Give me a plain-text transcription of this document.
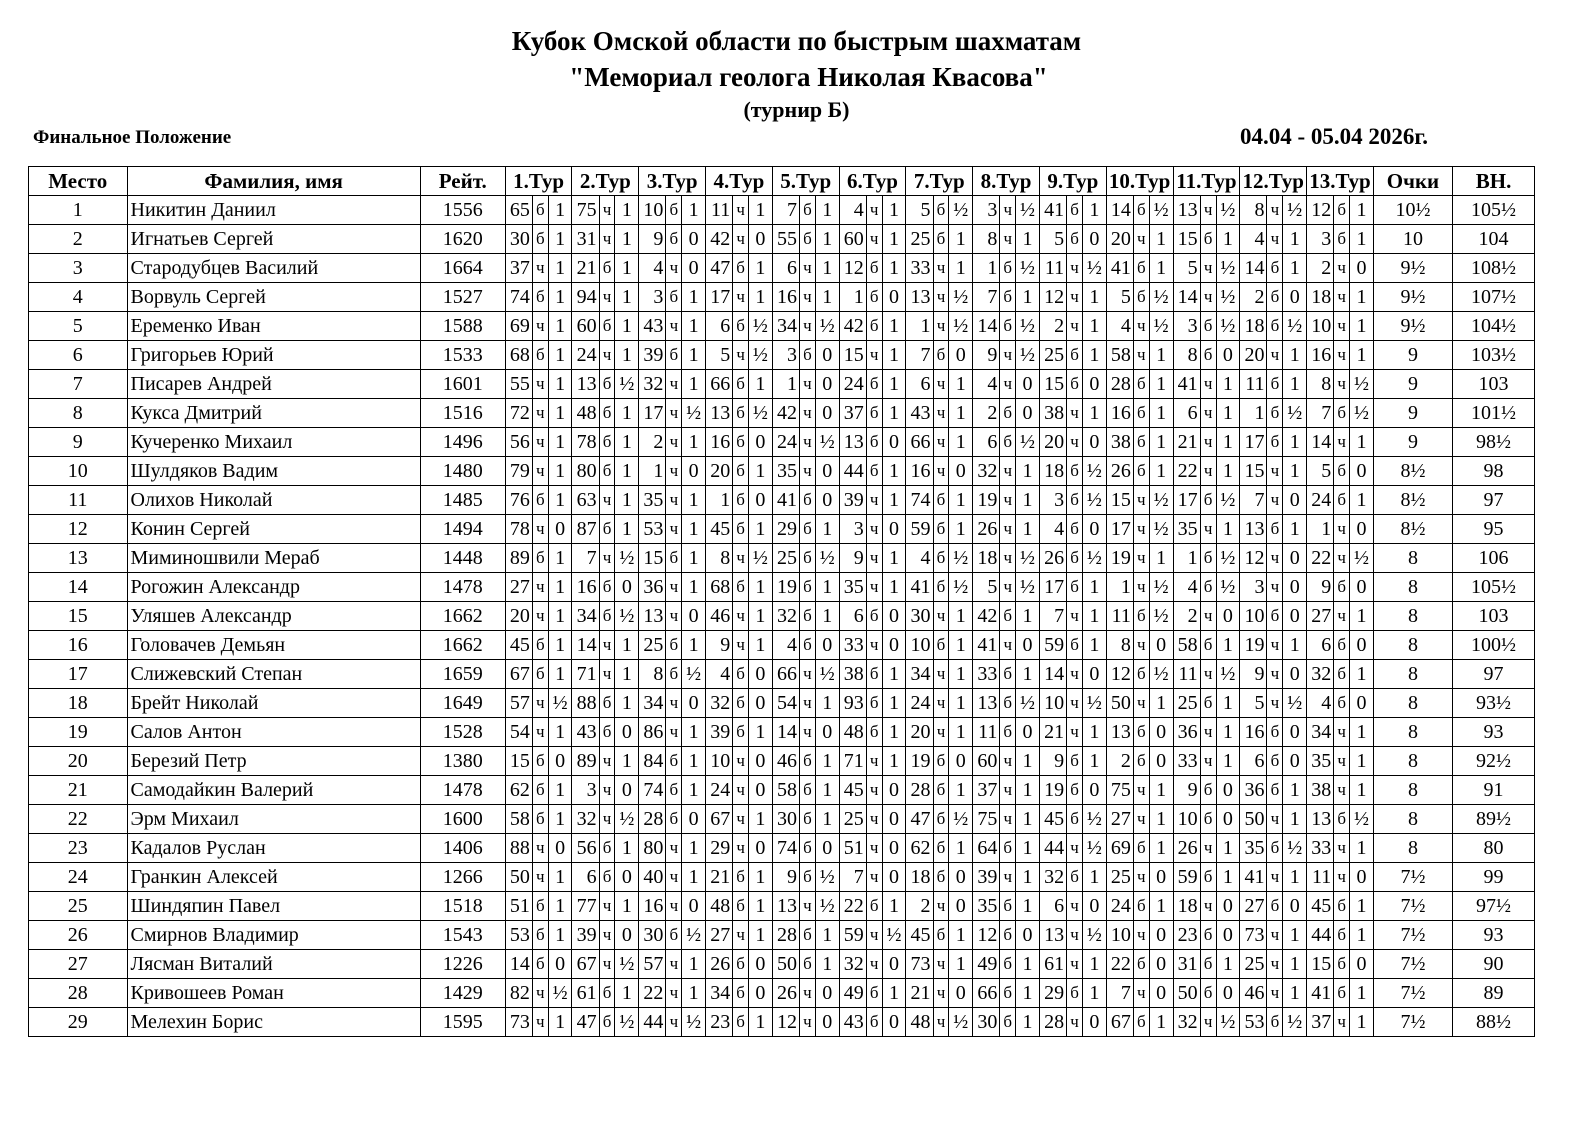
Кубок Омской области по быстрым шахматам
"Мемориал геолога Николая Квасова"
(турнир Б)
Финальное Положение	04.04 - 05.04 2026г.
Место	Фамилия, имя	Рейт.	1.Тур			2.Тур			3.Тур			4.Тур			5.Тур			6.Тур			7.Тур			8.Тур			9.Тур			10.Тур			11.Тур			12.Тур			13.Тур			Очки	ВН.
1	Никитин Даниил	1556	65	б	1	75	ч	1	10	б	1	11	ч	1	7	б	1	4	ч	1	5	б	½	3	ч	½	41	б	1	14	б	½	13	ч	½	8	ч	½	12	б	1	10½	105½
2	Игнатьев Сергей	1620	30	б	1	31	ч	1	9	б	0	42	ч	0	55	б	1	60	ч	1	25	б	1	8	ч	1	5	б	0	20	ч	1	15	б	1	4	ч	1	3	б	1	10	104
3	Стародубцев Василий	1664	37	ч	1	21	б	1	4	ч	0	47	б	1	6	ч	1	12	б	1	33	ч	1	1	б	½	11	ч	½	41	б	1	5	ч	½	14	б	1	2	ч	0	9½	108½
4	Ворвуль Сергей	1527	74	б	1	94	ч	1	3	б	1	17	ч	1	16	ч	1	1	б	0	13	ч	½	7	б	1	12	ч	1	5	б	½	14	ч	½	2	б	0	18	ч	1	9½	107½
5	Еременко Иван	1588	69	ч	1	60	б	1	43	ч	1	6	б	½	34	ч	½	42	б	1	1	ч	½	14	б	½	2	ч	1	4	ч	½	3	б	½	18	б	½	10	ч	1	9½	104½
6	Григорьев Юрий	1533	68	б	1	24	ч	1	39	б	1	5	ч	½	3	б	0	15	ч	1	7	б	0	9	ч	½	25	б	1	58	ч	1	8	б	0	20	ч	1	16	ч	1	9	103½
7	Писарев Андрей	1601	55	ч	1	13	б	½	32	ч	1	66	б	1	1	ч	0	24	б	1	6	ч	1	4	ч	0	15	б	0	28	б	1	41	ч	1	11	б	1	8	ч	½	9	103
8	Кукса Дмитрий	1516	72	ч	1	48	б	1	17	ч	½	13	б	½	42	ч	0	37	б	1	43	ч	1	2	б	0	38	ч	1	16	б	1	6	ч	1	1	б	½	7	б	½	9	101½
9	Кучеренко Михаил	1496	56	ч	1	78	б	1	2	ч	1	16	б	0	24	ч	½	13	б	0	66	ч	1	6	б	½	20	ч	0	38	б	1	21	ч	1	17	б	1	14	ч	1	9	98½
10	Шулдяков Вадим	1480	79	ч	1	80	б	1	1	ч	0	20	б	1	35	ч	0	44	б	1	16	ч	0	32	ч	1	18	б	½	26	б	1	22	ч	1	15	ч	1	5	б	0	8½	98
11	Олихов Николай	1485	76	б	1	63	ч	1	35	ч	1	1	б	0	41	б	0	39	ч	1	74	б	1	19	ч	1	3	б	½	15	ч	½	17	б	½	7	ч	0	24	б	1	8½	97
12	Конин Сергей	1494	78	ч	0	87	б	1	53	ч	1	45	б	1	29	б	1	3	ч	0	59	б	1	26	ч	1	4	б	0	17	ч	½	35	ч	1	13	б	1	1	ч	0	8½	95
13	Миминошвили Мераб	1448	89	б	1	7	ч	½	15	б	1	8	ч	½	25	б	½	9	ч	1	4	б	½	18	ч	½	26	б	½	19	ч	1	1	б	½	12	ч	0	22	ч	½	8	106
14	Рогожин Александр	1478	27	ч	1	16	б	0	36	ч	1	68	б	1	19	б	1	35	ч	1	41	б	½	5	ч	½	17	б	1	1	ч	½	4	б	½	3	ч	0	9	б	0	8	105½
15	Уляшев Александр	1662	20	ч	1	34	б	½	13	ч	0	46	ч	1	32	б	1	6	б	0	30	ч	1	42	б	1	7	ч	1	11	б	½	2	ч	0	10	б	0	27	ч	1	8	103
16	Головачев Демьян	1662	45	б	1	14	ч	1	25	б	1	9	ч	1	4	б	0	33	ч	0	10	б	1	41	ч	0	59	б	1	8	ч	0	58	б	1	19	ч	1	6	б	0	8	100½
17	Слижевский Степан	1659	67	б	1	71	ч	1	8	б	½	4	б	0	66	ч	½	38	б	1	34	ч	1	33	б	1	14	ч	0	12	б	½	11	ч	½	9	ч	0	32	б	1	8	97
18	Брейт Николай	1649	57	ч	½	88	б	1	34	ч	0	32	б	0	54	ч	1	93	б	1	24	ч	1	13	б	½	10	ч	½	50	ч	1	25	б	1	5	ч	½	4	б	0	8	93½
19	Салов Антон	1528	54	ч	1	43	б	0	86	ч	1	39	б	1	14	ч	0	48	б	1	20	ч	1	11	б	0	21	ч	1	13	б	0	36	ч	1	16	б	0	34	ч	1	8	93
20	Березий Петр	1380	15	б	0	89	ч	1	84	б	1	10	ч	0	46	б	1	71	ч	1	19	б	0	60	ч	1	9	б	1	2	б	0	33	ч	1	6	б	0	35	ч	1	8	92½
21	Самодайкин Валерий	1478	62	б	1	3	ч	0	74	б	1	24	ч	0	58	б	1	45	ч	0	28	б	1	37	ч	1	19	б	0	75	ч	1	9	б	0	36	б	1	38	ч	1	8	91
22	Эрм Михаил	1600	58	б	1	32	ч	½	28	б	0	67	ч	1	30	б	1	25	ч	0	47	б	½	75	ч	1	45	б	½	27	ч	1	10	б	0	50	ч	1	13	б	½	8	89½
23	Кадалов Руслан	1406	88	ч	0	56	б	1	80	ч	1	29	ч	0	74	б	0	51	ч	0	62	б	1	64	б	1	44	ч	½	69	б	1	26	ч	1	35	б	½	33	ч	1	8	80
24	Гранкин Алексей	1266	50	ч	1	6	б	0	40	ч	1	21	б	1	9	б	½	7	ч	0	18	б	0	39	ч	1	32	б	1	25	ч	0	59	б	1	41	ч	1	11	ч	0	7½	99
25	Шиндяпин Павел	1518	51	б	1	77	ч	1	16	ч	0	48	б	1	13	ч	½	22	б	1	2	ч	0	35	б	1	6	ч	0	24	б	1	18	ч	0	27	б	0	45	б	1	7½	97½
26	Смирнов Владимир	1543	53	б	1	39	ч	0	30	б	½	27	ч	1	28	б	1	59	ч	½	45	б	1	12	б	0	13	ч	½	10	ч	0	23	б	0	73	ч	1	44	б	1	7½	93
27	Лясман Виталий	1226	14	б	0	67	ч	½	57	ч	1	26	б	0	50	б	1	32	ч	0	73	ч	1	49	б	1	61	ч	1	22	б	0	31	б	1	25	ч	1	15	б	0	7½	90
28	Кривошеев Роман	1429	82	ч	½	61	б	1	22	ч	1	34	б	0	26	ч	0	49	б	1	21	ч	0	66	б	1	29	б	1	7	ч	0	50	б	0	46	ч	1	41	б	1	7½	89
29	Мелехин Борис	1595	73	ч	1	47	б	½	44	ч	½	23	б	1	12	ч	0	43	б	0	48	ч	½	30	б	1	28	ч	0	67	б	1	32	ч	½	53	б	½	37	ч	1	7½	88½
